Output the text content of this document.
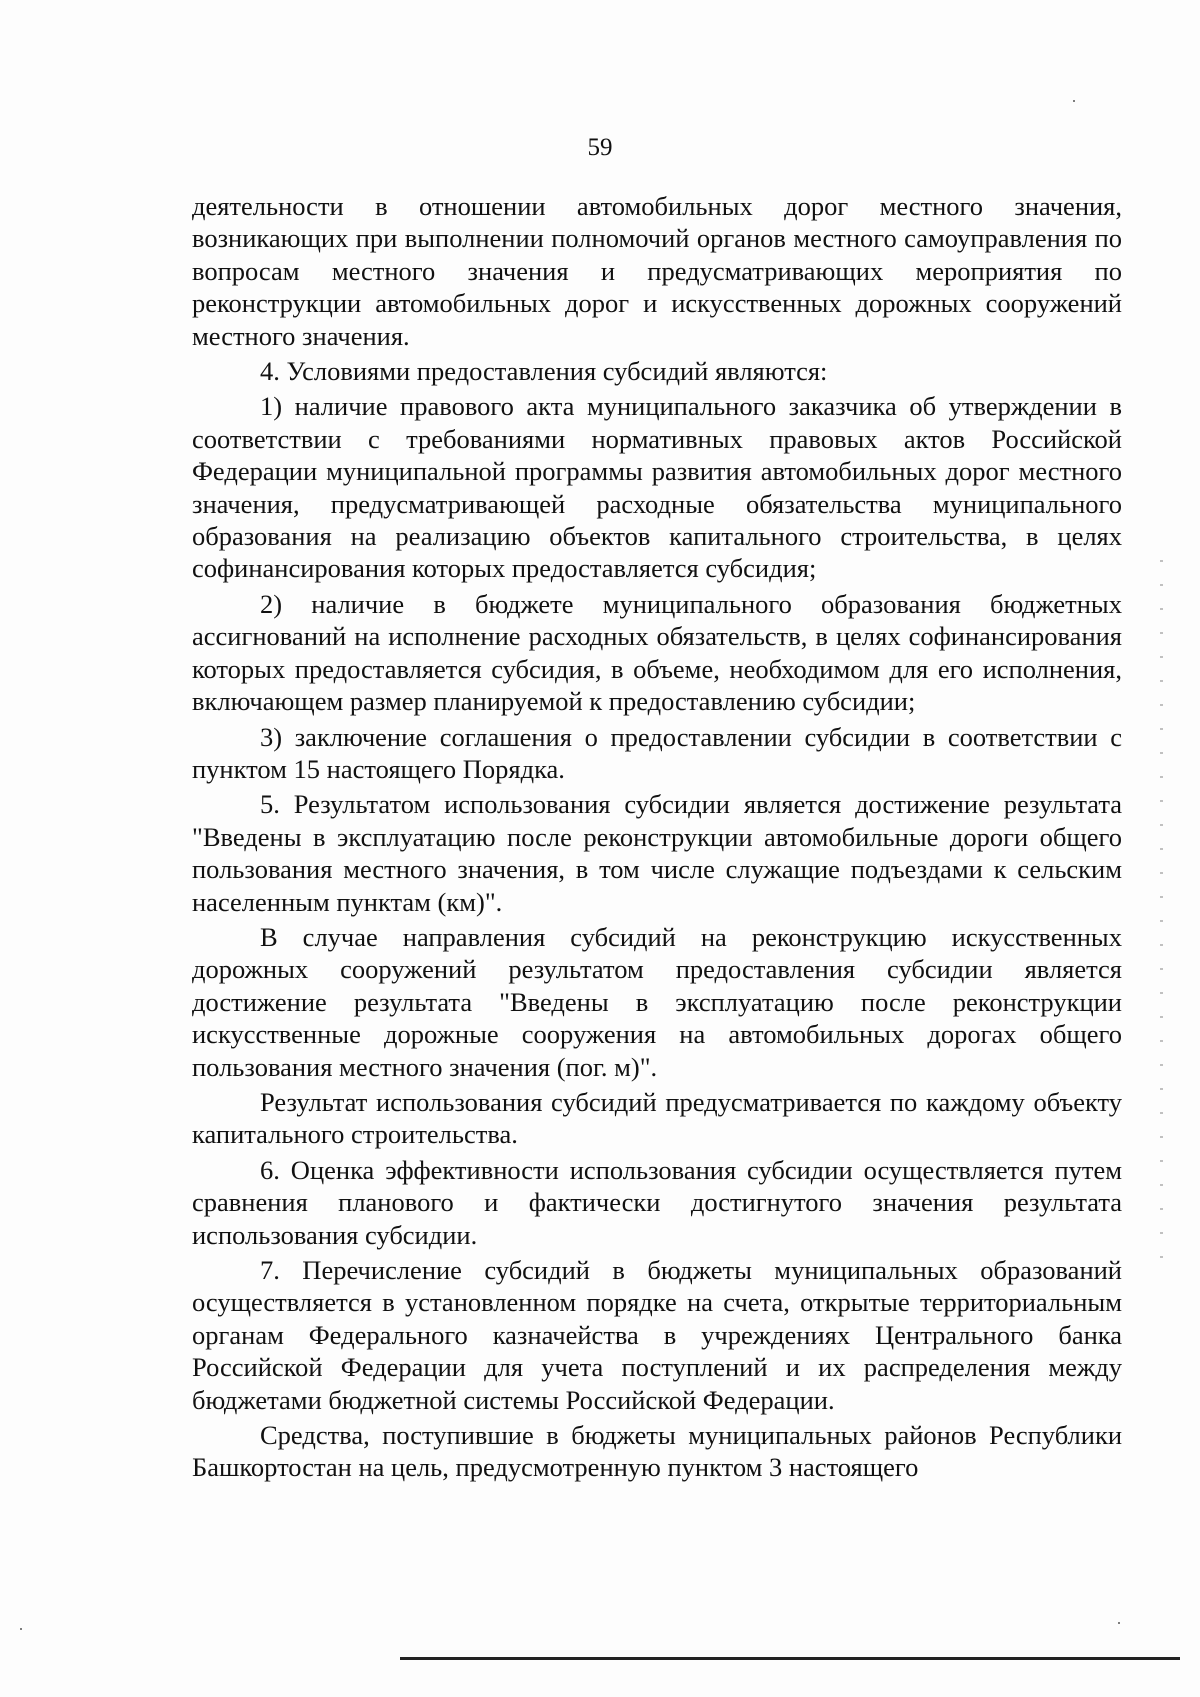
59

деятельности в отношении автомобильных дорог местного значения, возникающих при выполнении полномочий органов местного самоуправления по вопросам местного значения и предусматривающих мероприятия по реконструкции автомобильных дорог и искусственных дорожных сооружений местного значения.

4. Условиями предоставления субсидий являются:

1) наличие правового акта муниципального заказчика об утверждении в соответствии с требованиями нормативных правовых актов Российской Федерации муниципальной программы развития автомобильных дорог местного значения, предусматривающей расходные обязательства муниципального образования на реализацию объектов капитального строительства, в целях софинансирования которых предоставляется субсидия;

2) наличие в бюджете муниципального образования бюджетных ассигнований на исполнение расходных обязательств, в целях софинансирования которых предоставляется субсидия, в объеме, необходимом для его исполнения, включающем размер планируемой к предоставлению субсидии;

3) заключение соглашения о предоставлении субсидии в соответствии с пунктом 15 настоящего Порядка.

5. Результатом использования субсидии является достижение результата "Введены в эксплуатацию после реконструкции автомобильные дороги общего пользования местного значения, в том числе служащие подъездами к сельским населенным пунктам (км)".

В случае направления субсидий на реконструкцию искусственных дорожных сооружений результатом предоставления субсидии является достижение результата "Введены в эксплуатацию после реконструкции искусственные дорожные сооружения на автомобильных дорогах общего пользования местного значения (пог. м)".

Результат использования субсидий предусматривается по каждому объекту капитального строительства.

6. Оценка эффективности использования субсидии осуществляется путем сравнения планового и фактически достигнутого значения результата использования субсидии.

7. Перечисление субсидий в бюджеты муниципальных образований осуществляется в установленном порядке на счета, открытые территориальным органам Федерального казначейства в учреждениях Центрального банка Российской Федерации для учета поступлений и их распределения между бюджетами бюджетной системы Российской Федерации.

Средства, поступившие в бюджеты муниципальных районов Республики Башкортостан на цель, предусмотренную пунктом 3 настоящего
